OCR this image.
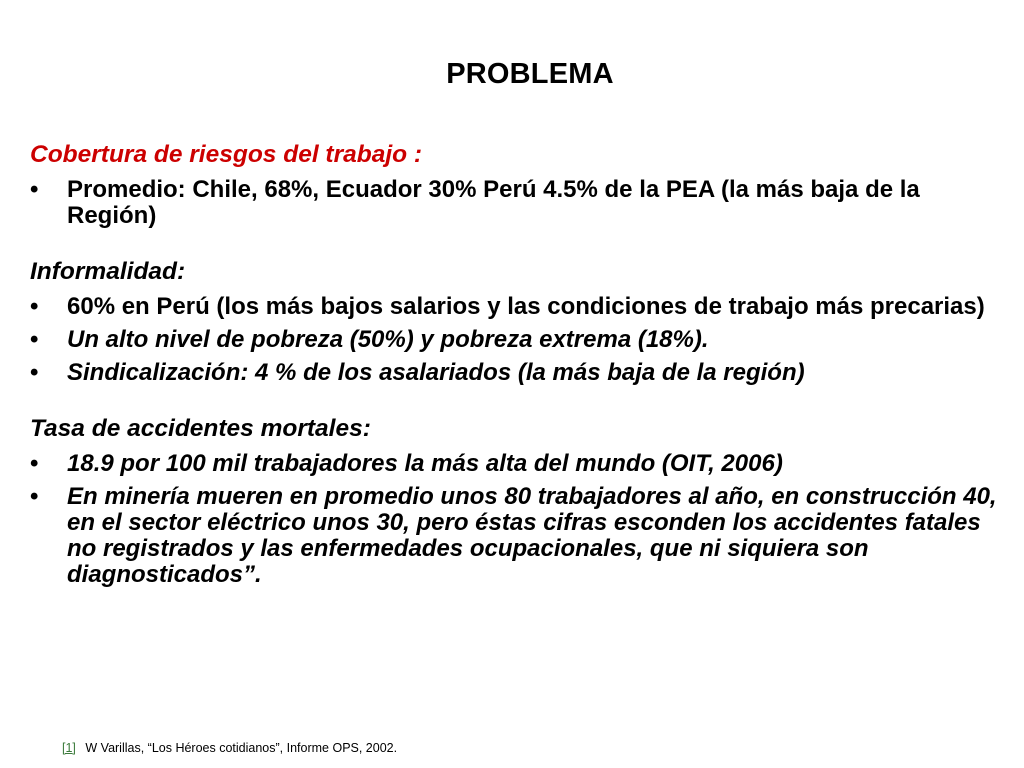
PROBLEMA

Cobertura de riesgos del trabajo :

• Promedio: Chile, 68%, Ecuador 30% Perú 4.5% de la PEA (la más baja de la Región)

Informalidad:

• 60% en Perú (los más bajos salarios y las condiciones de trabajo más precarias)
• Un alto nivel de pobreza (50%) y pobreza extrema (18%).
• Sindicalización: 4 % de los asalariados (la más baja de la región)

Tasa de accidentes mortales:

• 18.9 por 100 mil trabajadores la más alta del mundo (OIT, 2006)
• En minería mueren en promedio unos 80 trabajadores al año, en construcción 40, en el sector eléctrico unos 30, pero éstas cifras esconden los accidentes fatales no registrados y las enfermedades ocupacionales, que ni siquiera son diagnosticados”.
[1] W Varillas, “Los Héroes cotidianos”, Informe OPS, 2002.
